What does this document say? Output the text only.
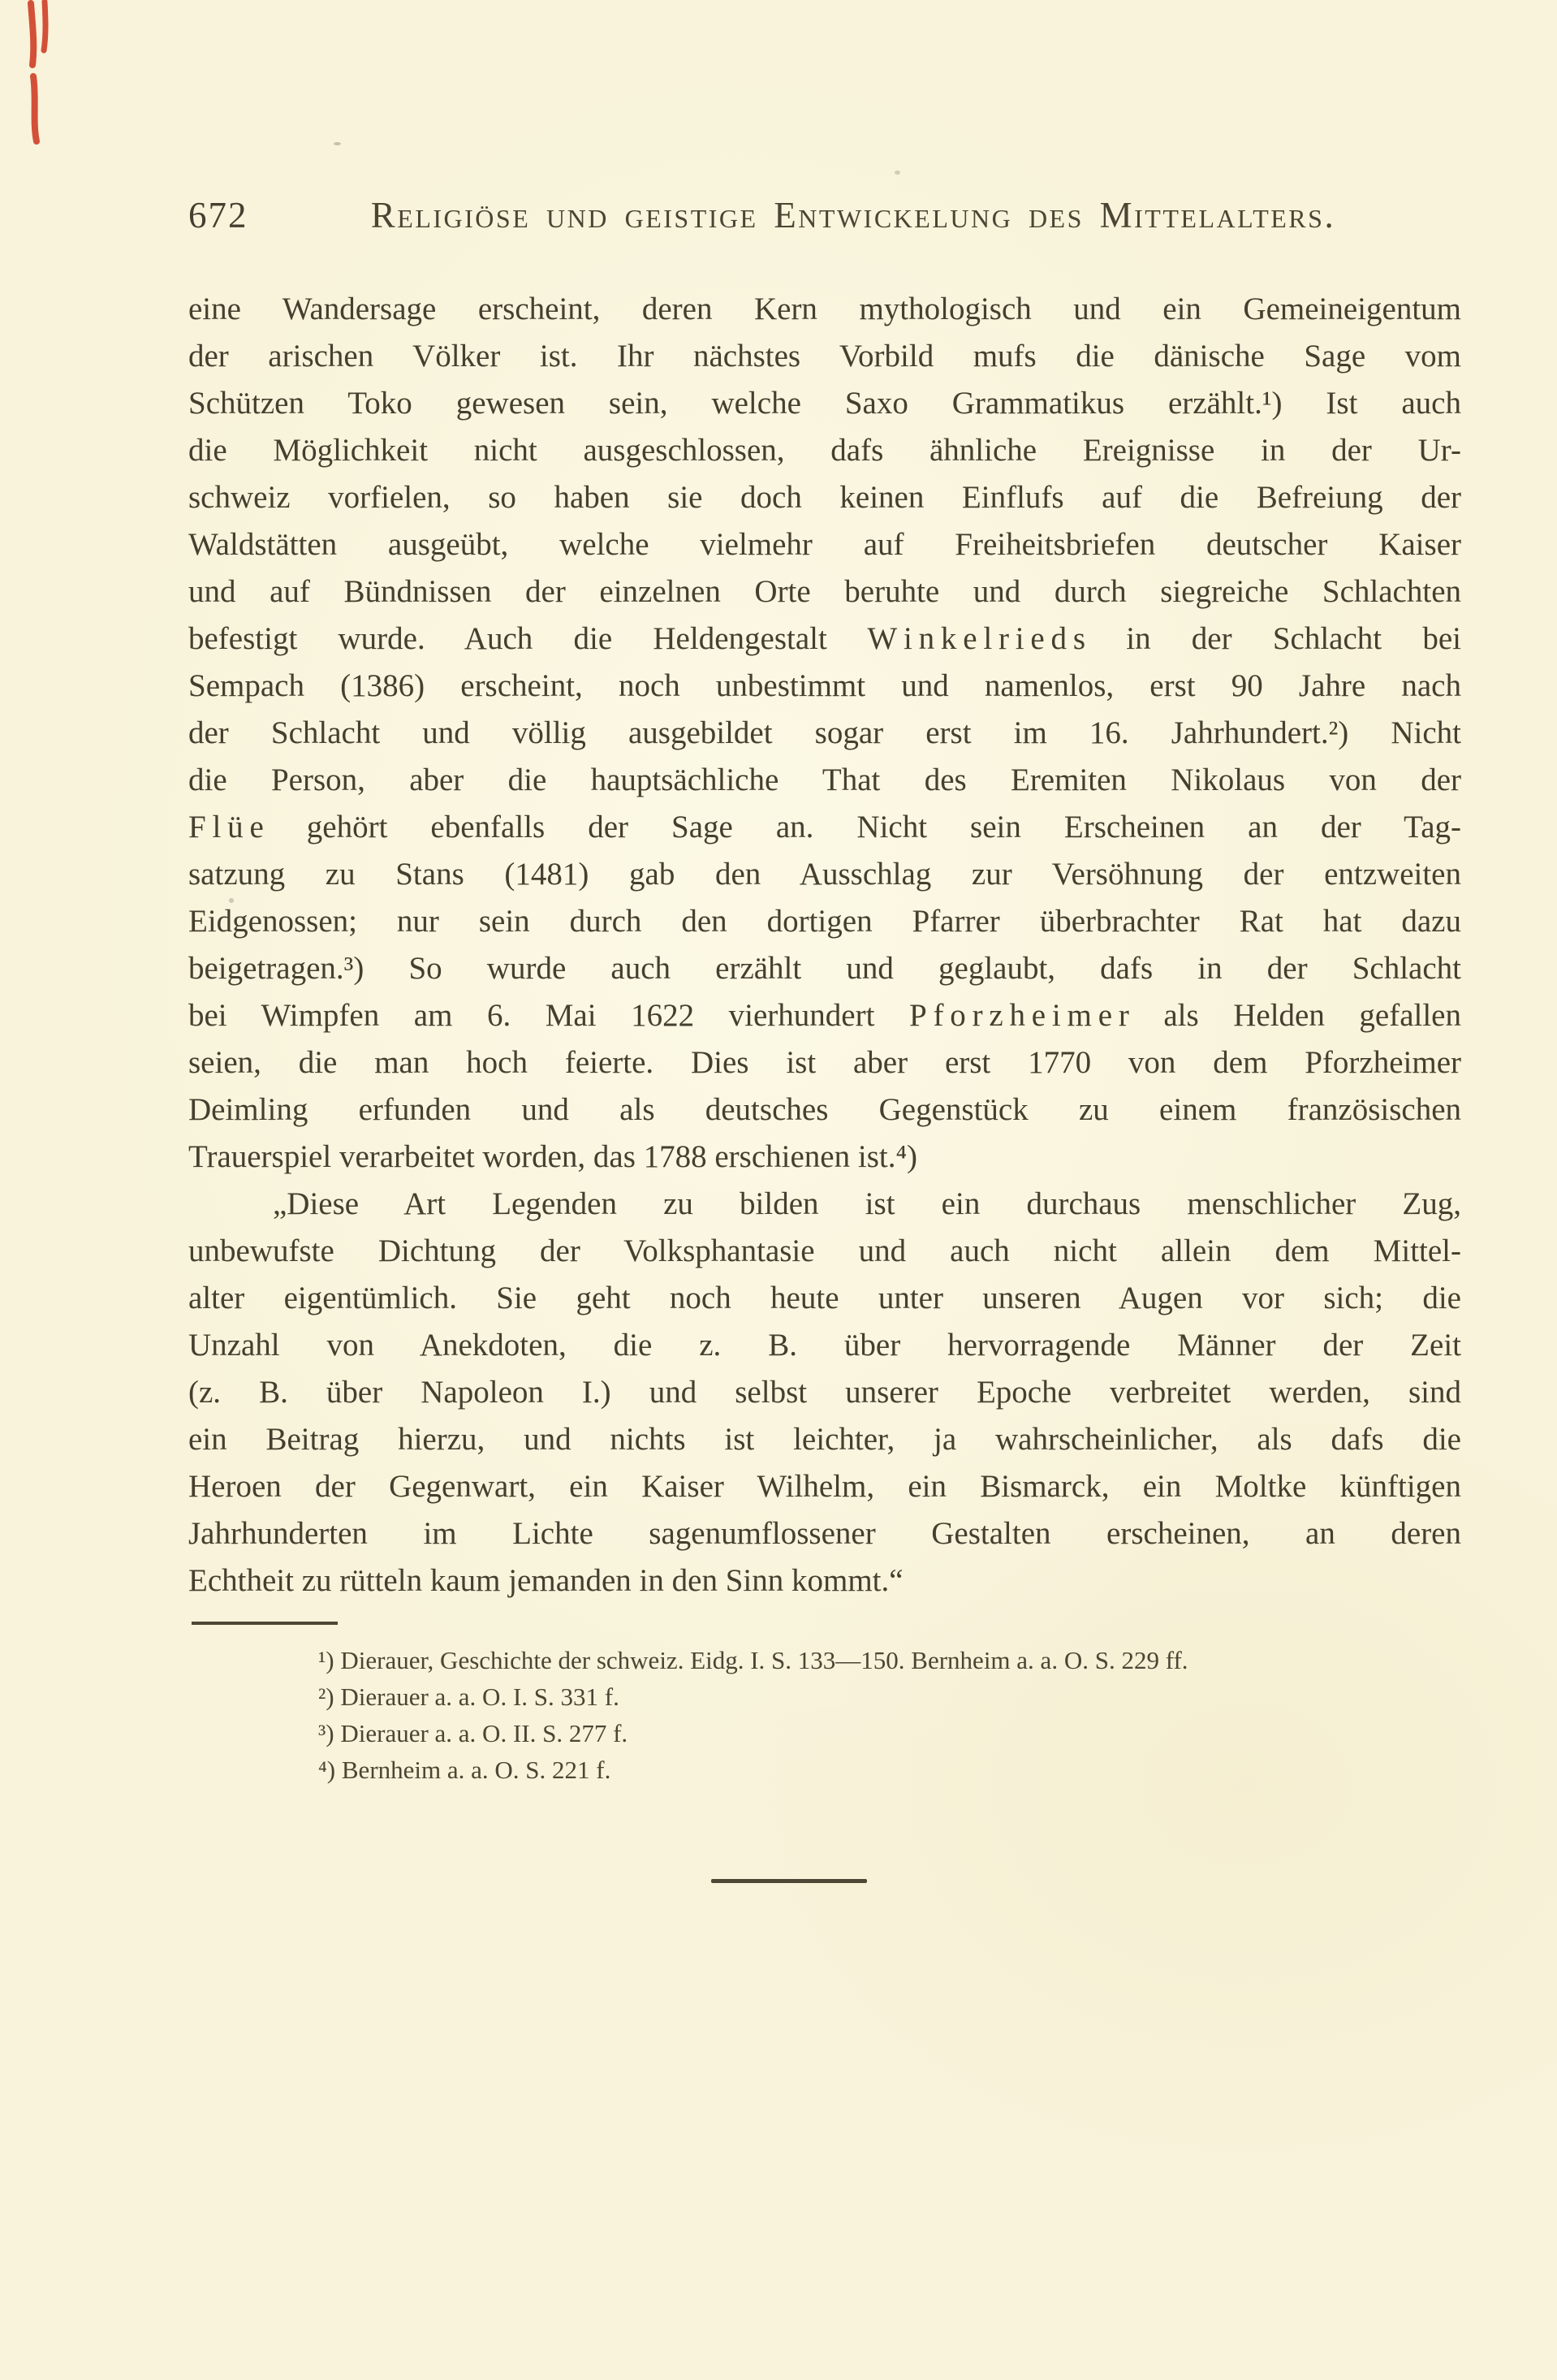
672	Religiöse und geistige Entwickelung des Mittelalters.
eine Wandersage erscheint, deren Kern mythologisch und ein Gemeineigentum
der arischen Völker ist. Ihr nächstes Vorbild mufs die dänische Sage vom
Schützen Toko gewesen sein, welche Saxo Grammatikus erzählt.¹) Ist auch
die Möglichkeit nicht ausgeschlossen, dafs ähnliche Ereignisse in der Ur-
schweiz vorfielen, so haben sie doch keinen Einflufs auf die Befreiung der
Waldstätten ausgeübt, welche vielmehr auf Freiheitsbriefen deutscher Kaiser
und auf Bündnissen der einzelnen Orte beruhte und durch siegreiche Schlachten
befestigt wurde. Auch die Heldengestalt W i n k e l r i e d s in der Schlacht bei
Sempach (1386) erscheint, noch unbestimmt und namenlos, erst 90 Jahre nach
der Schlacht und völlig ausgebildet sogar erst im 16. Jahrhundert.²) Nicht
die Person, aber die hauptsächliche That des Eremiten Nikolaus von der
F l ü e gehört ebenfalls der Sage an. Nicht sein Erscheinen an der Tag-
satzung zu Stans (1481) gab den Ausschlag zur Versöhnung der entzweiten
Eidgenossen; nur sein durch den dortigen Pfarrer überbrachter Rat hat dazu
beigetragen.³) So wurde auch erzählt und geglaubt, dafs in der Schlacht
bei Wimpfen am 6. Mai 1622 vierhundert P f o r z h e i m e r als Helden gefallen
seien, die man hoch feierte. Dies ist aber erst 1770 von dem Pforzheimer
Deimling erfunden und als deutsches Gegenstück zu einem französischen
Trauerspiel verarbeitet worden, das 1788 erschienen ist.⁴)
„Diese Art Legenden zu bilden ist ein durchaus menschlicher Zug,
unbewufste Dichtung der Volksphantasie und auch nicht allein dem Mittel-
alter eigentümlich. Sie geht noch heute unter unseren Augen vor sich; die
Unzahl von Anekdoten, die z. B. über hervorragende Männer der Zeit
(z. B. über Napoleon I.) und selbst unserer Epoche verbreitet werden, sind
ein Beitrag hierzu, und nichts ist leichter, ja wahrscheinlicher, als dafs die
Heroen der Gegenwart, ein Kaiser Wilhelm, ein Bismarck, ein Moltke künftigen
Jahrhunderten im Lichte sagenumflossener Gestalten erscheinen, an deren
Echtheit zu rütteln kaum jemanden in den Sinn kommt.“
¹) Dierauer, Geschichte der schweiz. Eidg. I. S. 133—150. Bernheim a. a. O. S. 229 ff.
²) Dierauer a. a. O. I. S. 331 f.
³) Dierauer a. a. O. II. S. 277 f.
⁴) Bernheim a. a. O. S. 221 f.
